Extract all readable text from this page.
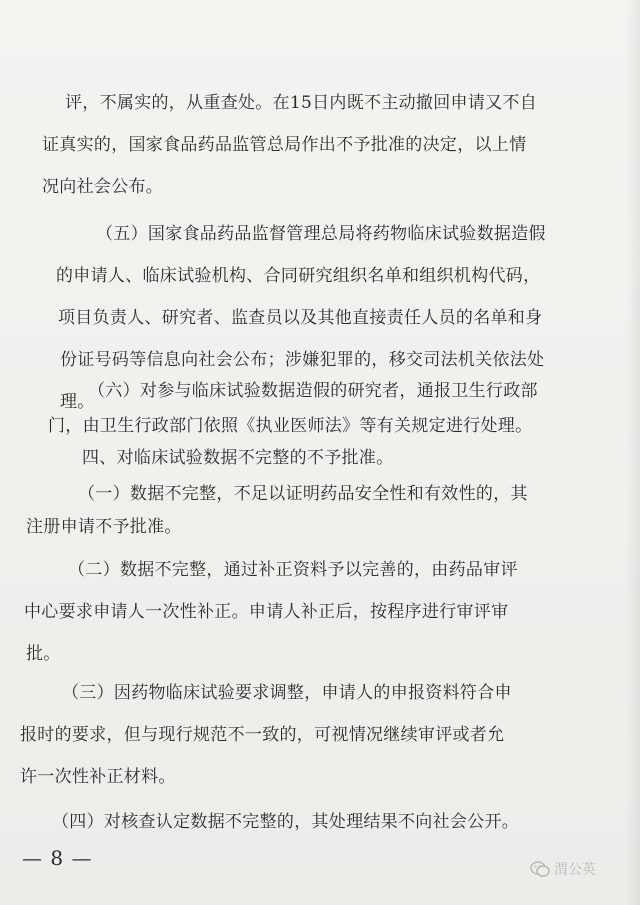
评，不属实的，从重查处。在15日内既不主动撤回申请又不自
证真实的，国家食品药品监管总局作出不予批准的决定，以上情
况向社会公布。
（五）国家食品药品监督管理总局将药物临床试验数据造假
的申请人、临床试验机构、合同研究组织名单和组织机构代码，
项目负责人、研究者、监查员以及其他直接责任人员的名单和身
份证号码等信息向社会公布；涉嫌犯罪的，移交司法机关依法处
理。
（六）对参与临床试验数据造假的研究者，通报卫生行政部
门，由卫生行政部门依照《执业医师法》等有关规定进行处理。
四、对临床试验数据不完整的不予批准。
（一）数据不完整，不足以证明药品安全性和有效性的，其
注册申请不予批准。
（二）数据不完整，通过补正资料予以完善的，由药品审评
中心要求申请人一次性补正。申请人补正后，按程序进行审评审
批。
（三）因药物临床试验要求调整，申请人的申报资料符合申
报时的要求，但与现行规范不一致的，可视情况继续审评或者允
— 8 —	渭公英
许一次性补正材料。
（四）对核查认定数据不完整的，其处理结果不向社会公开。
